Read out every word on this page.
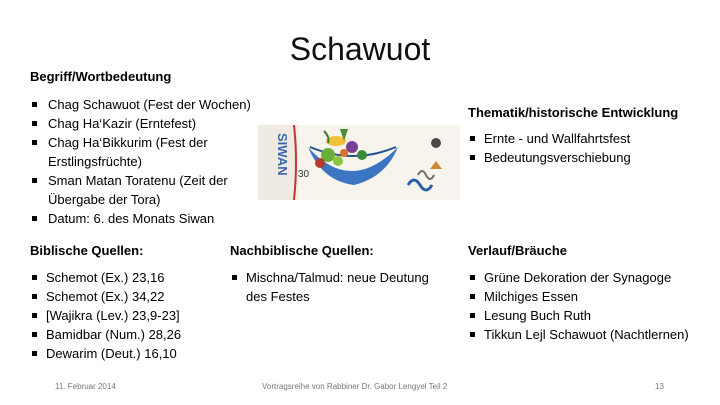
Schawuot
Begriff/Wortbedeutung
Chag Schawuot (Fest der Wochen)
Chag Ha‘Kazir (Erntefest)
Chag Ha‘Bikkurim (Fest der Erstlingsfrüchte)
Sman Matan Toratenu (Zeit der Übergabe der Tora)
Datum: 6. des Monats Siwan
SIWAN 30
Thematik/historische Entwicklung
Ernte - und Wallfahrtsfest
Bedeutungsverschiebung
Biblische Quellen:
Schemot (Ex.) 23,16
Schemot (Ex.) 34,22
[Wajikra (Lev.) 23,9-23]
Bamidbar (Num.) 28,26
Dewarim (Deut.) 16,10
Nachbiblische Quellen:
Mischna/Talmud: neue Deutung des Festes
Verlauf/Bräuche
Grüne Dekoration der Synagoge
Milchiges Essen
Lesung Buch Ruth
Tikkun Lejl Schawuot (Nachtlernen)
11. Februar 2014	Vortragsreihe von Rabbiner Dr. Gabor Lengyel Teil 2	13
